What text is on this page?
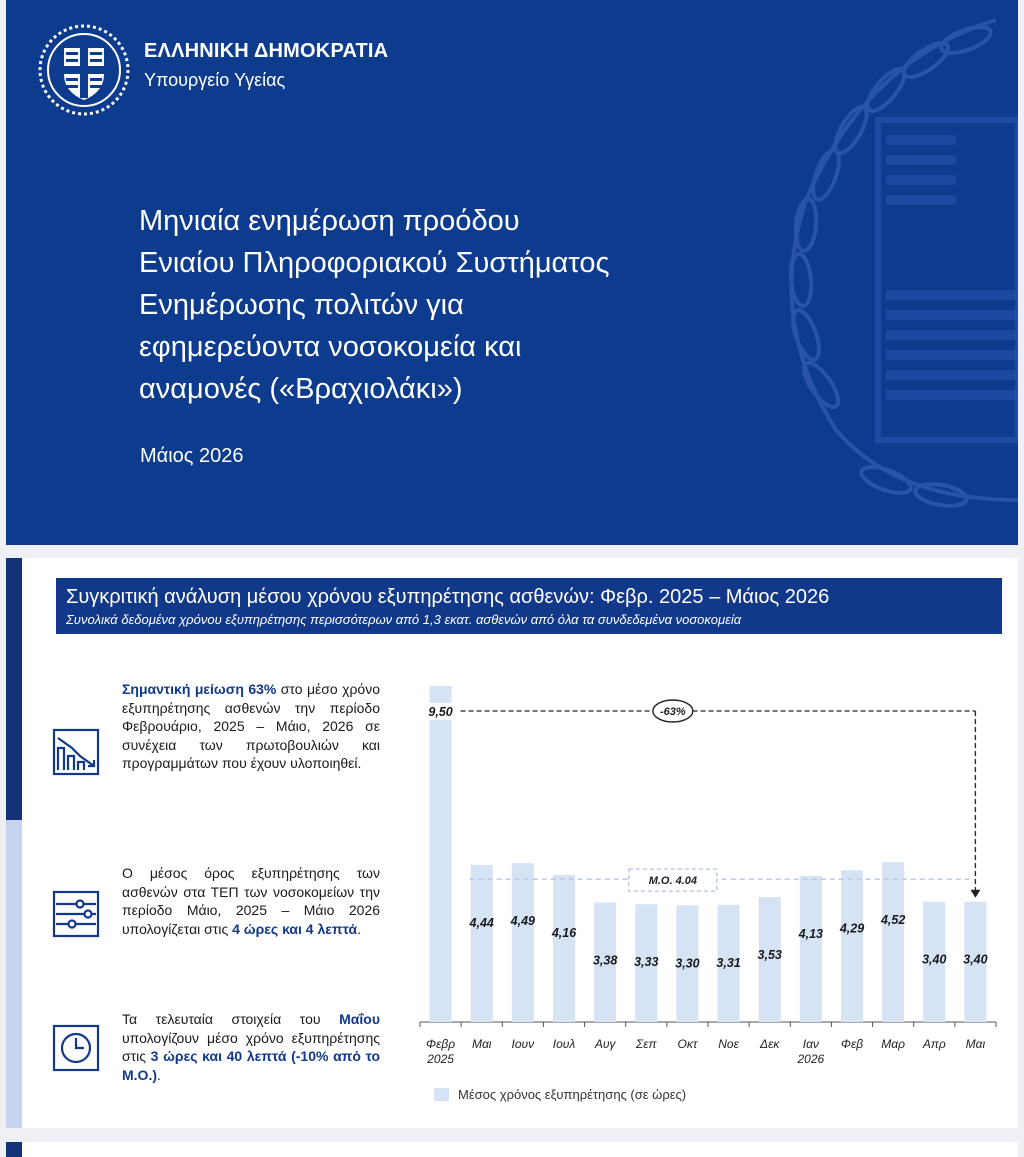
ΕΛΛΗΝΙΚΗ ΔΗΜΟΚΡΑΤΙΑ
Υπουργείο Υγείας
Μηνιαία ενημέρωση προόδου
Ενιαίου Πληροφοριακού Συστήματος
Ενημέρωσης πολιτών για
εφημερεύοντα νοσοκομεία και
αναμονές («Βραχιολάκι»)
Μάιος 2026
Συγκριτική ανάλυση μέσου χρόνου εξυπηρέτησης ασθενών: Φεβρ. 2025 – Μάιος 2026
Συνολικά δεδομένα χρόνου εξυπηρέτησης περισσότερων από 1,3 εκατ. ασθενών από όλα τα συνδεδεμένα νοσοκομεία
Σημαντική μείωση 63% στο μέσο χρόνο εξυπηρέτησης ασθενών την περίοδο Φεβρουάριο, 2025 – Μάιο, 2026 σε συνέχεια των πρωτοβουλιών και προγραμμάτων που έχουν υλοποιηθεί.
Ο μέσος όρος εξυπηρέτησης των ασθενών στα ΤΕΠ των νοσοκομείων την περίοδο Μάιο, 2025 – Μάιο 2026 υπολογίζεται στις 4 ώρες και 4 λεπτά.
Τα τελευταία στοιχεία του Μαΐου υπολογίζουν μέσο χρόνο εξυπηρέτησης στις 3 ώρες και 40 λεπτά (-10% από το Μ.Ο.).
Μ.Ο. 4.04
9,50
4,44 4,49
4,16
3,38 3,33 3,30 3,31
3,53
4,13 4,29
4,52
3,40 3,40
-63%
Φεβρ
2025
Μαι Ιουν Ιουλ Αυγ Σεπ Οκτ Νοε Δεκ Ιαν
2026
Φεβ Μαρ Απρ Μαι
Μέσος χρόνος εξυπηρέτησης (σε ώρες)
